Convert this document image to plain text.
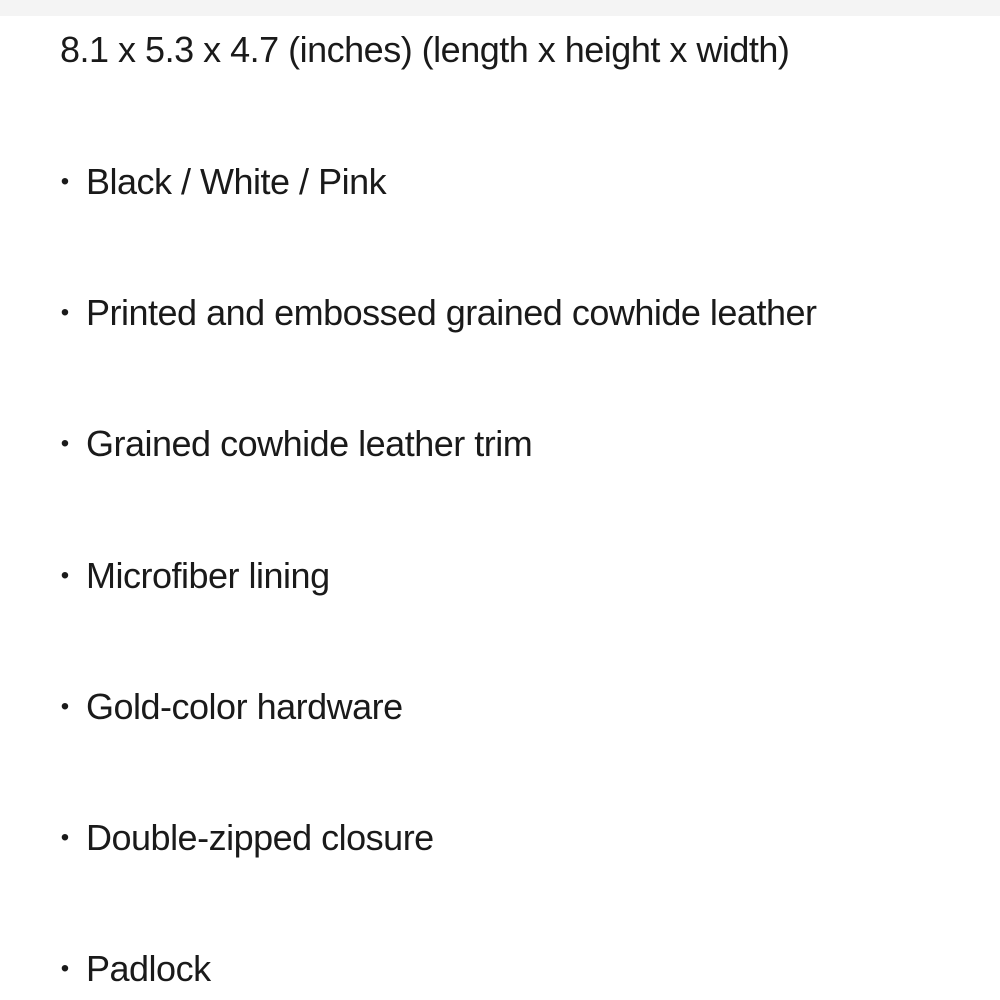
8.1 x 5.3 x 4.7 (inches) (length x height x width)
• Black / White / Pink
• Printed and embossed grained cowhide leather
• Grained cowhide leather trim
• Microfiber lining
• Gold-color hardware
• Double-zipped closure
• Padlock
